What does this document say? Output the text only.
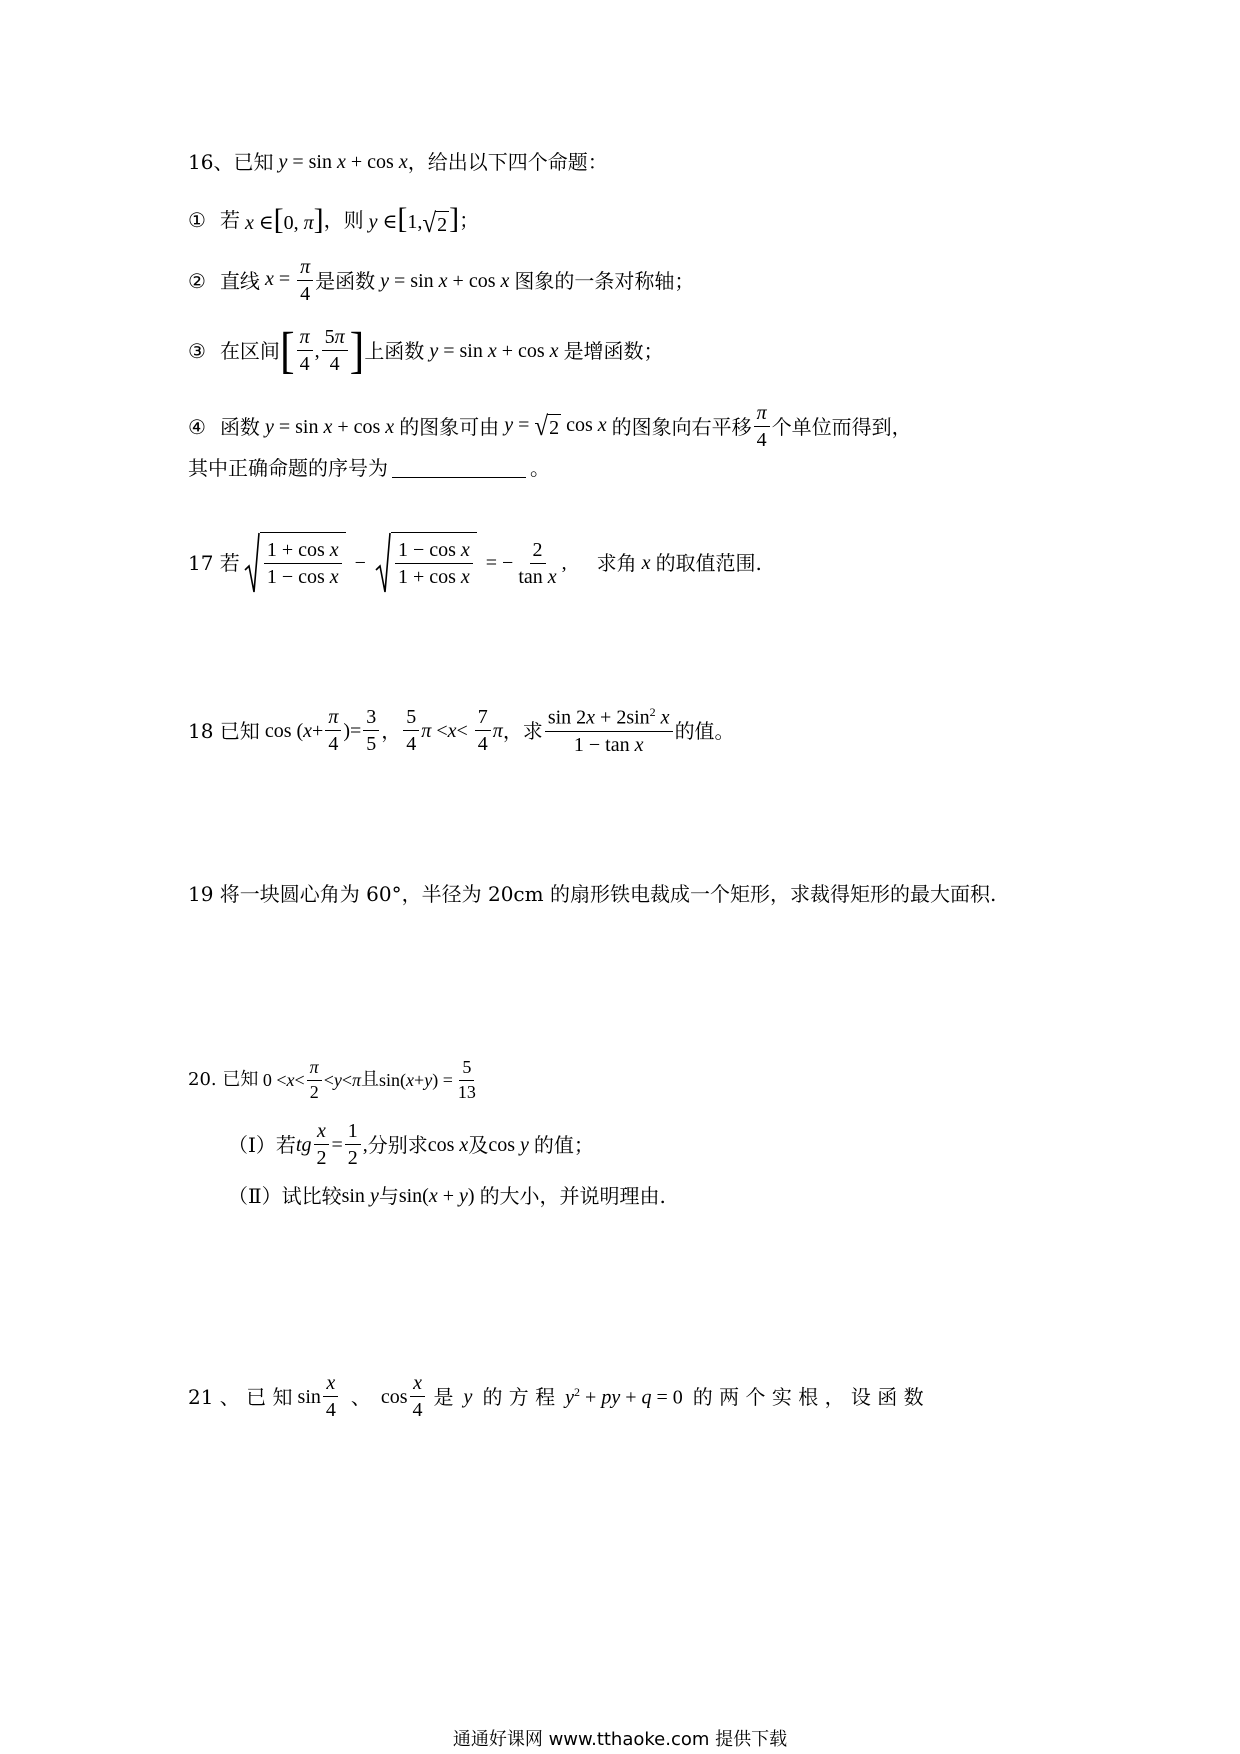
16、已知 y = sin x + cos x ，给出以下四个命题：
① 若 x ∈[0, π] ，则 y ∈[1, √ 2 ] ；
② 直线 $x = \frac{\pi}{4}$ 是函数 y = sin x + cos x 图象的一条对称轴；
③ 在区间 [ $\frac{\pi}{4}$ , $\frac{5\pi}{4}$ ] 上函数 y = sin x + cos x 是增函数；
④ 函数 y = sin x + cos x 的图象可由 y = √ 2 cos x 的图象向右平移 $\frac{\pi}{4}$ 个单位而得到，
其中正确命题的序号为	。
17 若 $\frac{\text{1 + cos x}}{\text{1 − cos x}} - \frac{\text{1 − cos x}}{\text{1 + cos x}}$ = − $\frac{2}{\text{tan x}}$ , 求角 x 的取值范围.
18 已知 cos ( $x + \frac{\pi}{4}$ )= $\frac{3}{5}$ ， $\frac{5}{4}$ $\pi < x < \frac{7}{4}$ π ，求 $\frac{\sin 2x + 2\sin^2 x}{\text{1 − tan x}}$ 的值。
19 将一块圆心角为 60°，半径为 20cm 的扇形铁电裁成一个矩形，求裁得矩形的最大面积.
20. 已知 $0 < x < \frac{\pi}{2} < y < \pi$ 且 sin( x + y ) = $\frac{5}{13}$
（Ⅰ）若 tg $\frac{x}{2} = \frac{1}{2}$ , 分别求 cos x 及 cos y 的值；
（Ⅱ）试比较 sin y 与 sin(x + y) 的大小，并说明理由.
21 、 已 知 $\sin \frac{x}{4}$ 、 $\cos \frac{x}{4}$ 是 y 的 方 程 $y^2$ + py + q = 0 的 两 个 实 根 ， 设 函 数
通通好课网 www.tthaoke.com 提供下载
